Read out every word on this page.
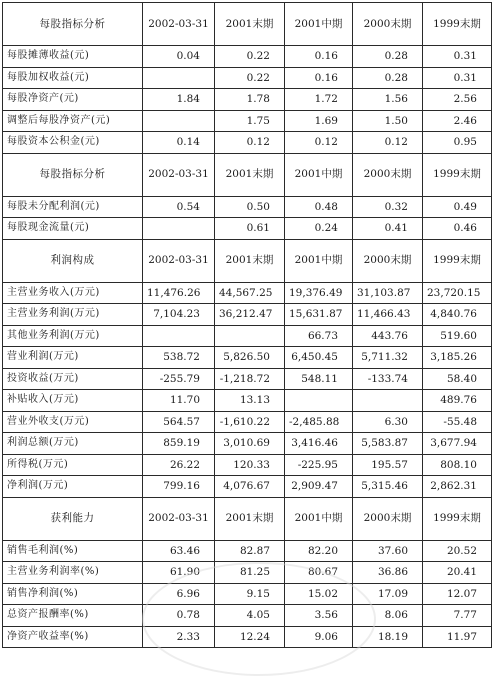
每股指标分析	2002-03-31	2001末期	2001中期	2000末期	1999末期
每股摊薄收益(元)	0.04	0.22	0.16	0.28	0.31
每股加权收益(元)		0.22	0.16	0.28	0.31
每股净资产(元)	1.84	1.78	1.72	1.56	2.56
调整后每股净资产(元)		1.75	1.69	1.50	2.46
每股资本公积金(元)	0.14	0.12	0.12	0.12	0.95
每股指标分析	2002-03-31	2001末期	2001中期	2000末期	1999末期
每股未分配利润(元)	0.54	0.50	0.48	0.32	0.49
每股现金流量(元)		0.61	0.24	0.41	0.46
利润构成	2002-03-31	2001末期	2001中期	2000末期	1999末期
主营业务收入(万元)	11,476.26	44,567.25	19,376.49	31,103.87	23,720.15
主营业务利润(万元)	7,104.23	36,212.47	15,631.87	11,466.43	4,840.76
其他业务利润(万元)			66.73	443.76	519.60
营业利润(万元)	538.72	5,826.50	6,450.45	5,711.32	3,185.26
投资收益(万元)	-255.79	-1,218.72	548.11	-133.74	58.40
补贴收入(万元)	11.70	13.13			489.76
营业外收支(万元)	564.57	-1,610.22	-2,485.88	6.30	-55.48
利润总额(万元)	859.19	3,010.69	3,416.46	5,583.87	3,677.94
所得税(万元)	26.22	120.33	-225.95	195.57	808.10
净利润(万元)	799.16	4,076.67	2,909.47	5,315.46	2,862.31
获利能力	2002-03-31	2001末期	2001中期	2000末期	1999末期
销售毛利润(%)	63.46	82.87	82.20	37.60	20.52
主营业务利润率(%)	61.90	81.25	80.67	36.86	20.41
销售净利润(%)	6.96	9.15	15.02	17.09	12.07
总资产报酬率(%)	0.78	4.05	3.56	8.06	7.77
净资产收益率(%)	2.33	12.24	9.06	18.19	11.97
